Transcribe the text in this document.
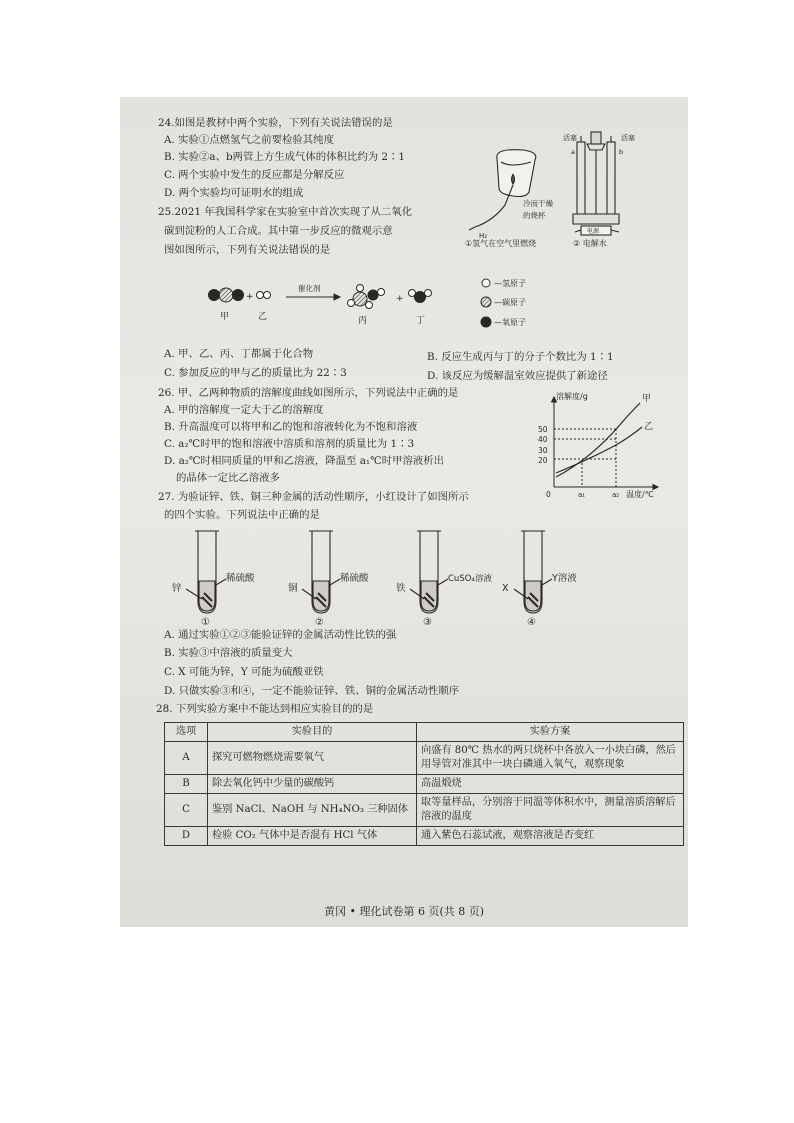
24.如图是教材中两个实验，下列有关说法错误的是
A. 实验①点燃氢气之前要检验其纯度
B. 实验②a、b两管上方生成气体的体积比约为 2∶1
C. 两个实验中发生的反应都是分解反应
D. 两个实验均可证明水的组成
H₂
冷而干燥
的烧杯
①氢气在空气里燃烧
活塞	活塞
a	b
电源
② 电解水
25.2021 年我国科学家在实验室中首次实现了从二氧化
碳到淀粉的人工合成。其中第一步反应的微观示意
图如图所示，下列有关说法错误的是
+	+
催化剂
甲	乙	丙	丁
—氢原子
—碳原子
—氧原子
A. 甲、乙、丙、丁都属于化合物	B. 反应生成丙与丁的分子个数比为 1∶1
C. 参加反应的甲与乙的质量比为 22∶3	D. 该反应为缓解温室效应提供了新途径
26. 甲、乙两种物质的溶解度曲线如图所示，下列说法中正确的是
A. 甲的溶解度一定大于乙的溶解度
B. 升高温度可以将甲和乙的饱和溶液转化为不饱和溶液
C. a₂℃时甲的饱和溶液中溶质和溶剂的质量比为 1∶3
D. a₂℃时相同质量的甲和乙溶液，降温至 a₁℃时甲溶液析出
的晶体一定比乙溶液多
溶解度/g	甲
乙
50
40
30
20
0	a₁	a₂ 温度/℃
27. 为验证锌、铁、铜三种金属的活动性顺序，小红设计了如图所示
的四个实验。下列说法中正确的是
锌
稀硫酸
铜
稀硫酸
铁
CuSO₄溶液
X
Y溶液
①	②	③	④
A. 通过实验①②③能验证锌的金属活动性比铁的强
B. 实验③中溶液的质量变大
C. X 可能为锌，Y 可能为硫酸亚铁
D. 只做实验③和④，一定不能验证锌、铁、铜的金属活动性顺序
28. 下列实验方案中不能达到相应实验目的的是
选项	实验目的	实验方案
A	探究可燃物燃烧需要氧气	向盛有 80℃ 热水的两只烧杯中各放入一小块白磷，然后用导管对准其中一块白磷通入氧气，观察现象
B	除去氧化钙中少量的碳酸钙	高温煅烧
C	鉴别 NaCl、NaOH 与 NH₄NO₃ 三种固体	取等量样品，分别溶于同温等体积水中，测量溶质溶解后溶液的温度
D	检验 CO₂ 气体中是否混有 HCl 气体	通入紫色石蕊试液，观察溶液是否变红
黄冈 • 理化试卷第 6 页(共 8 页)
